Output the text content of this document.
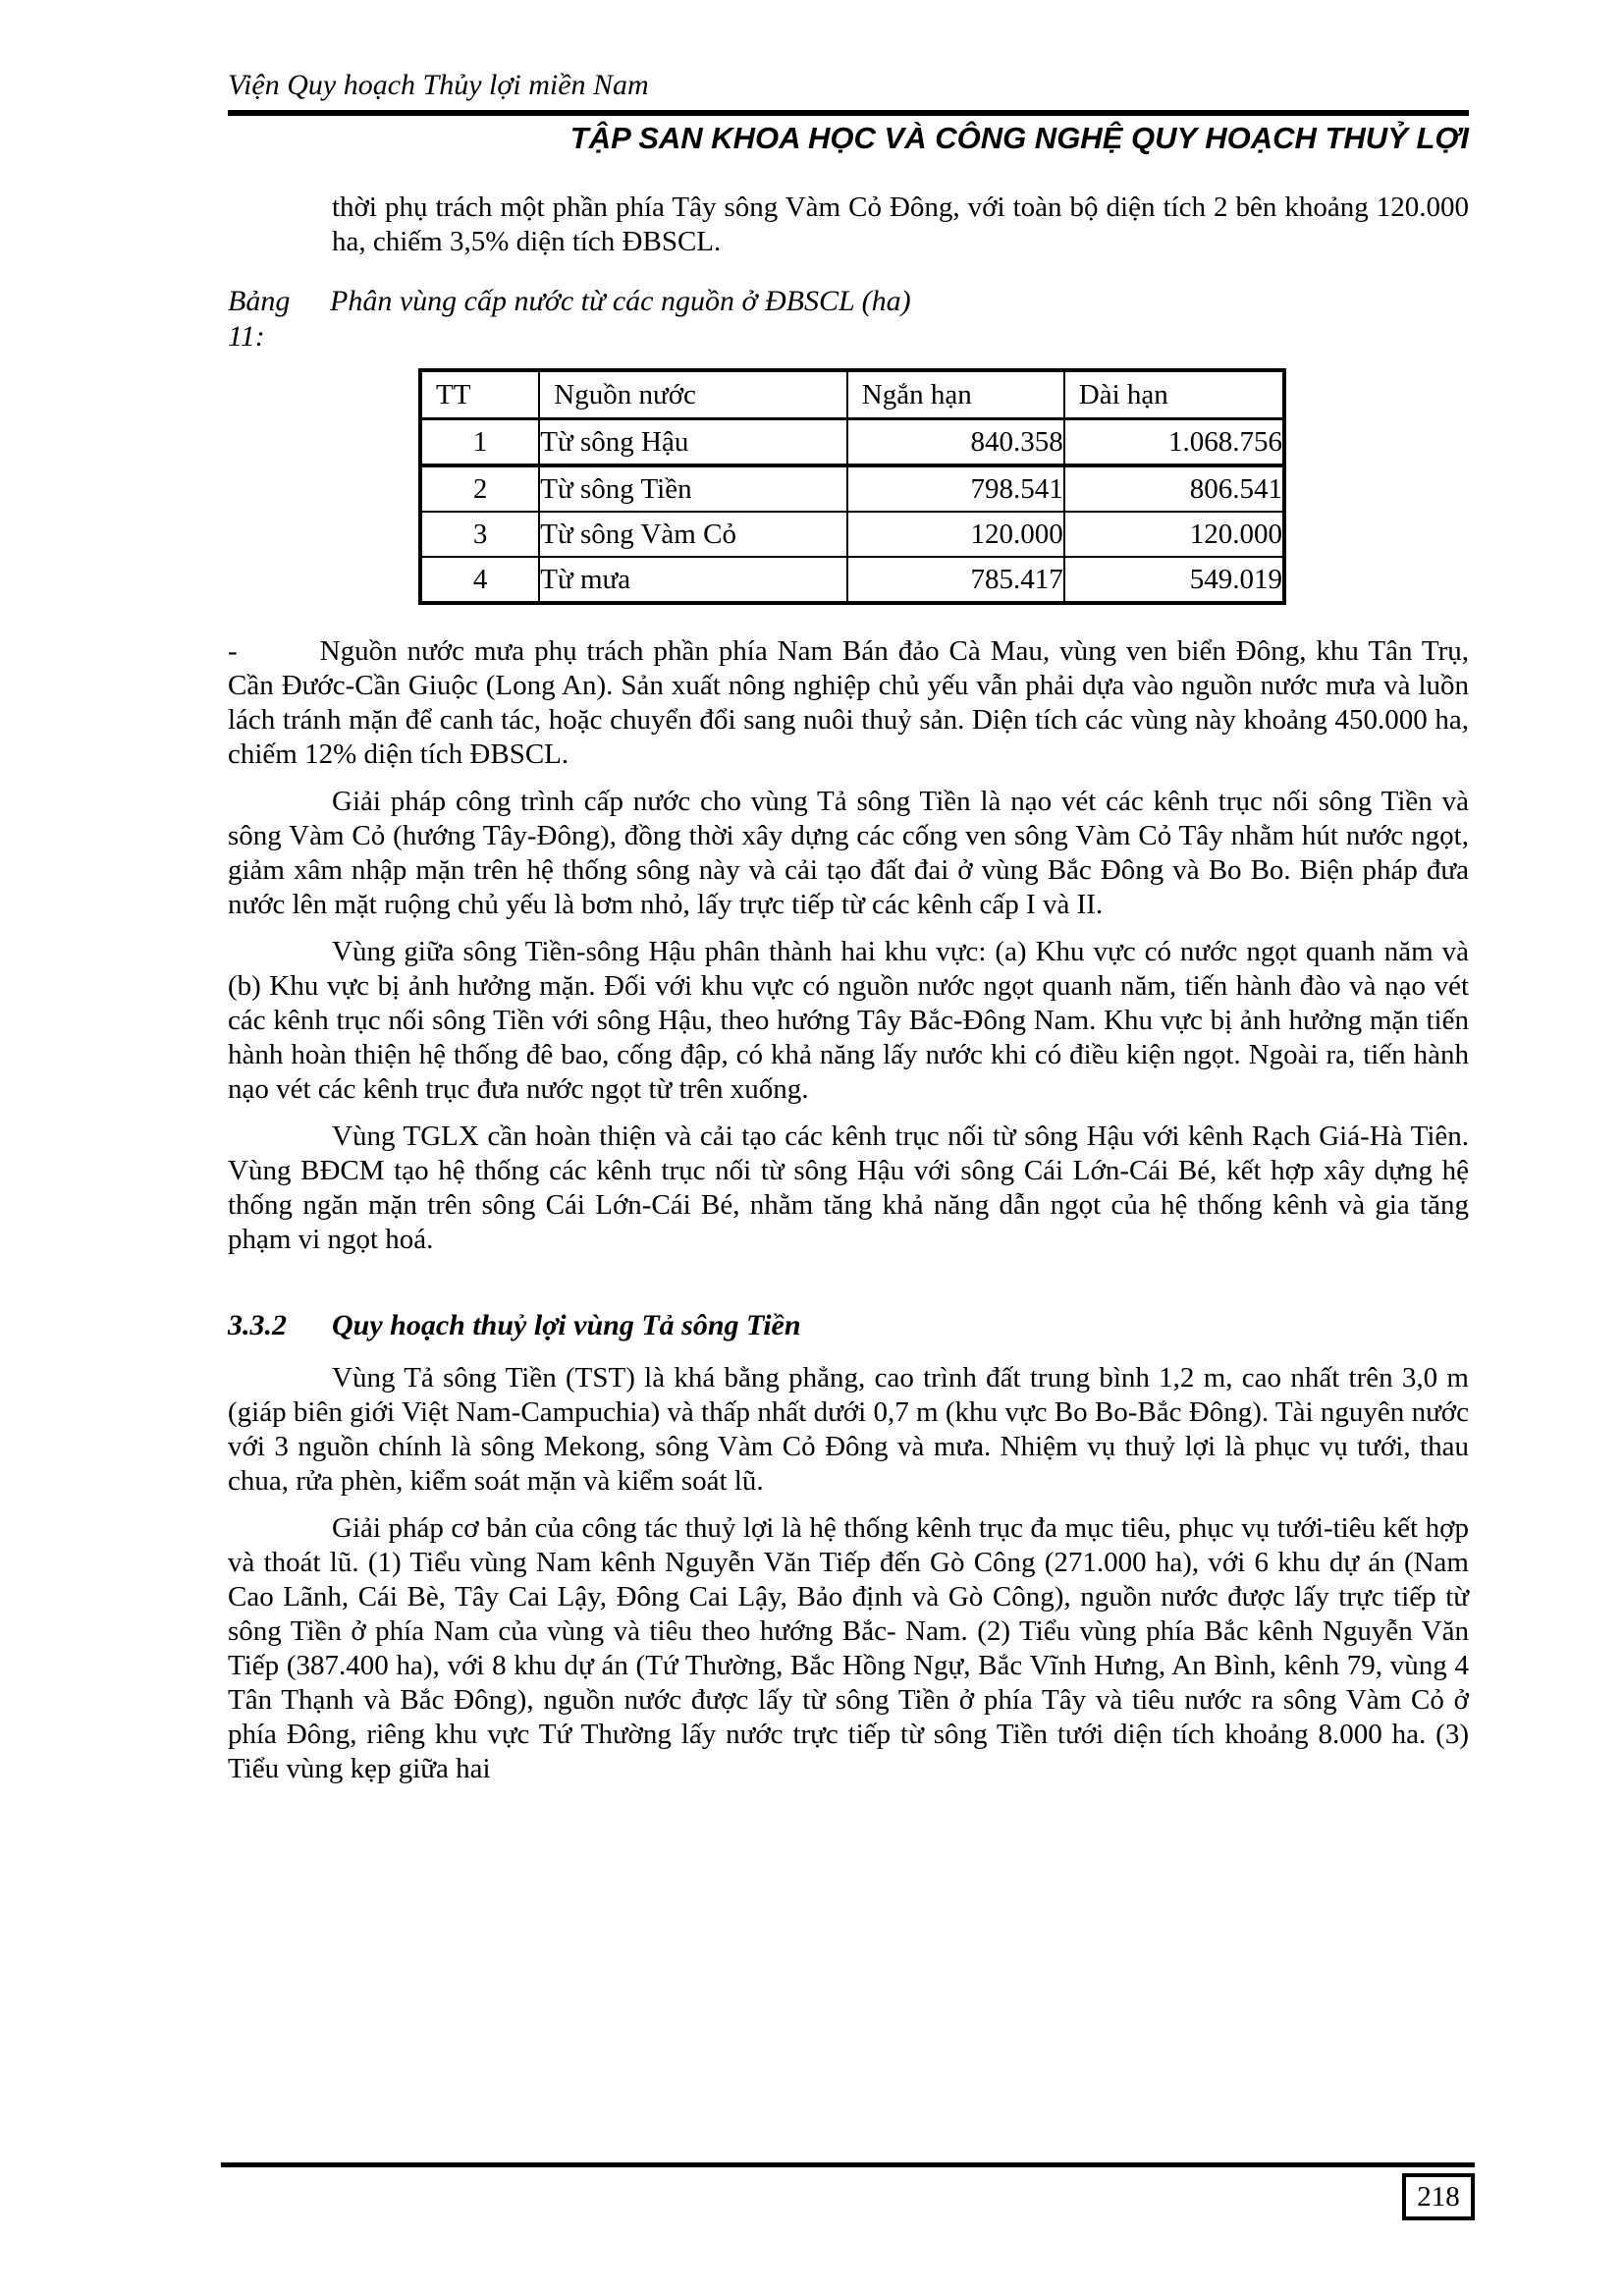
Viện Quy hoạch Thủy lợi miền Nam
TẬP SAN KHOA HỌC VÀ CÔNG NGHỆ QUY HOẠCH THUỶ LỢI

thời phụ trách một phần phía Tây sông Vàm Cỏ Đông, với toàn bộ diện tích 2 bên khoảng 120.000 ha, chiếm 3,5% diện tích ĐBSCL.

Bảng 11:
Phân vùng cấp nước từ các nguồn ở ĐBSCL (ha)
TT	Nguồn nước	Ngắn hạn	Dài hạn
1	Từ sông Hậu	840.358	1.068.756
2	Từ sông Tiền	798.541	806.541
3	Từ sông Vàm Cỏ	120.000	120.000
4	Từ mưa	785.417	549.019

-	Nguồn nước mưa phụ trách phần phía Nam Bán đảo Cà Mau, vùng ven biển Đông, khu Tân Trụ, Cần Đước-Cần Giuộc (Long An). Sản xuất nông nghiệp chủ yếu vẫn phải dựa vào nguồn nước mưa và luồn lách tránh mặn để canh tác, hoặc chuyển đổi sang nuôi thuỷ sản. Diện tích các vùng này khoảng 450.000 ha, chiếm 12% diện tích ĐBSCL.

Giải pháp công trình cấp nước cho vùng Tả sông Tiền là nạo vét các kênh trục nối sông Tiền và sông Vàm Cỏ (hướng Tây-Đông), đồng thời xây dựng các cống ven sông Vàm Cỏ Tây nhằm hút nước ngọt, giảm xâm nhập mặn trên hệ thống sông này và cải tạo đất đai ở vùng Bắc Đông và Bo Bo. Biện pháp đưa nước lên mặt ruộng chủ yếu là bơm nhỏ, lấy trực tiếp từ các kênh cấp I và II.

Vùng giữa sông Tiền-sông Hậu phân thành hai khu vực: (a) Khu vực có nước ngọt quanh năm và (b) Khu vực bị ảnh hưởng mặn. Đối với khu vực có nguồn nước ngọt quanh năm, tiến hành đào và nạo vét các kênh trục nối sông Tiền với sông Hậu, theo hướng Tây Bắc-Đông Nam. Khu vực bị ảnh hưởng mặn tiến hành hoàn thiện hệ thống đê bao, cống đập, có khả năng lấy nước khi có điều kiện ngọt. Ngoài ra, tiến hành nạo vét các kênh trục đưa nước ngọt từ trên xuống.

Vùng TGLX cần hoàn thiện và cải tạo các kênh trục nối từ sông Hậu với kênh Rạch Giá-Hà Tiên. Vùng BĐCM tạo hệ thống các kênh trục nối từ sông Hậu với sông Cái Lớn-Cái Bé, kết hợp xây dựng hệ thống ngăn mặn trên sông Cái Lớn-Cái Bé, nhằm tăng khả năng dẫn ngọt của hệ thống kênh và gia tăng phạm vi ngọt hoá.

3.3.2 Quy hoạch thuỷ lợi vùng Tả sông Tiền

Vùng Tả sông Tiền (TST) là khá bằng phẳng, cao trình đất trung bình 1,2 m, cao nhất trên 3,0 m (giáp biên giới Việt Nam-Campuchia) và thấp nhất dưới 0,7 m (khu vực Bo Bo-Bắc Đông). Tài nguyên nước với 3 nguồn chính là sông Mekong, sông Vàm Cỏ Đông và mưa. Nhiệm vụ thuỷ lợi là phục vụ tưới, thau chua, rửa phèn, kiểm soát mặn và kiểm soát lũ.

Giải pháp cơ bản của công tác thuỷ lợi là hệ thống kênh trục đa mục tiêu, phục vụ tưới-tiêu kết hợp và thoát lũ. (1) Tiểu vùng Nam kênh Nguyễn Văn Tiếp đến Gò Công (271.000 ha), với 6 khu dự án (Nam Cao Lãnh, Cái Bè, Tây Cai Lậy, Đông Cai Lậy, Bảo định và Gò Công), nguồn nước được lấy trực tiếp từ sông Tiền ở phía Nam của vùng và tiêu theo hướng Bắc- Nam. (2) Tiểu vùng phía Bắc kênh Nguyễn Văn Tiếp (387.400 ha), với 8 khu dự án (Tứ Thường, Bắc Hồng Ngự, Bắc Vĩnh Hưng, An Bình, kênh 79, vùng 4 Tân Thạnh và Bắc Đông), nguồn nước được lấy từ sông Tiền ở phía Tây và tiêu nước ra sông Vàm Cỏ ở phía Đông, riêng khu vực Tứ Thường lấy nước trực tiếp từ sông Tiền tưới diện tích khoảng 8.000 ha. (3) Tiểu vùng kẹp giữa hai

218
